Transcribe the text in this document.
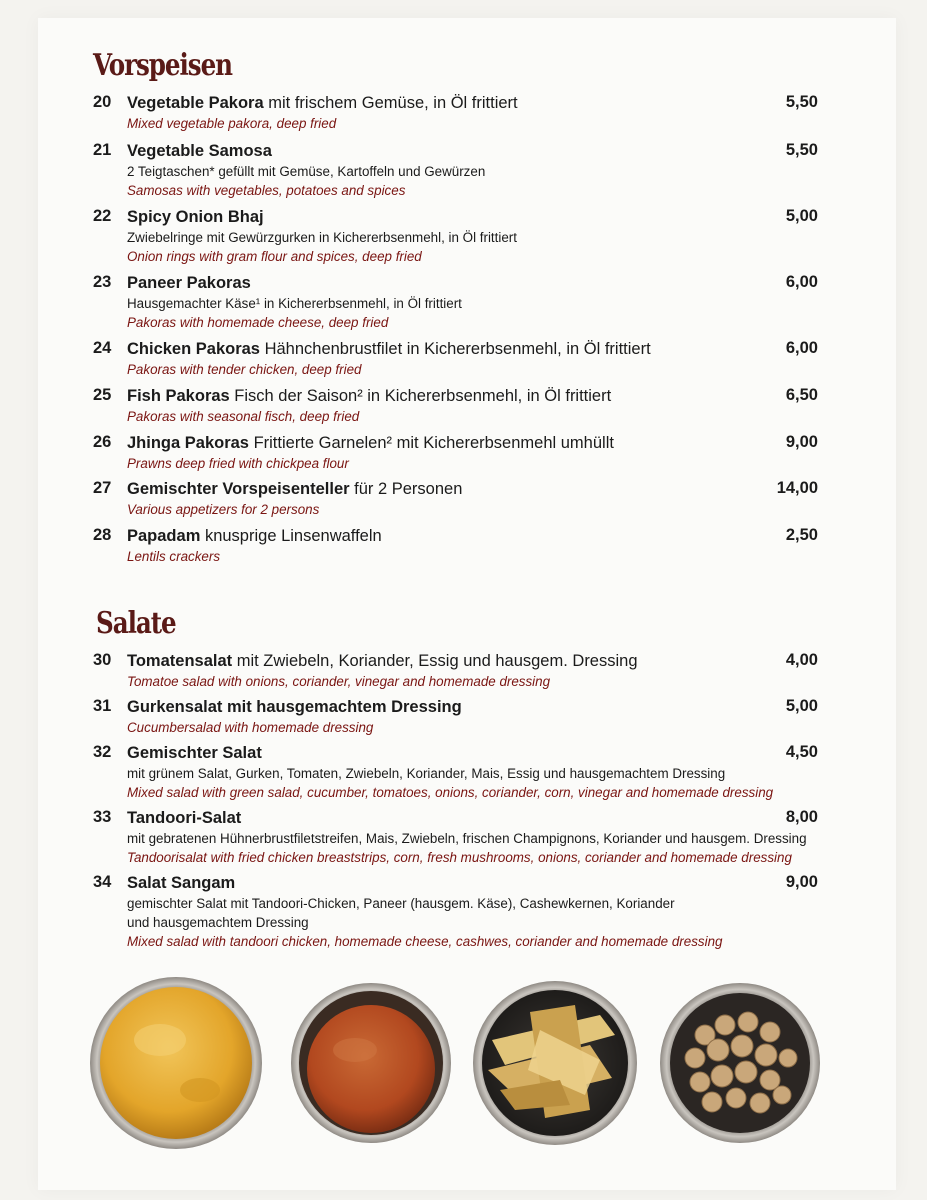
Vorspeisen
20 Vegetable Pakora mit frischem Gemüse, in Öl frittiert
Mixed vegetable pakora, deep fried
5,50
21 Vegetable Samosa
2 Teigtaschen* gefüllt mit Gemüse, Kartoffeln und Gewürzen
Samosas with vegetables, potatoes and spices
5,50
22 Spicy Onion Bhaj
Zwiebelringe mit Gewürzgurken in Kichererbsenmehl, in Öl frittiert
Onion rings with gram flour and spices, deep fried
5,00
23 Paneer Pakoras
Hausgemachter Käse¹ in Kichererbsenmehl, in Öl frittiert
Pakoras with homemade cheese, deep fried
6,00
24 Chicken Pakoras Hähnchenbrustfilet in Kichererbsenmehl, in Öl frittiert
Pakoras with tender chicken, deep fried
6,00
25 Fish Pakoras Fisch der Saison² in Kichererbsenmehl, in Öl frittiert
Pakoras with seasonal fisch, deep fried
6,50
26 Jhinga Pakoras Frittierte Garnelen² mit Kichererbsenmehl umhüllt
Prawns deep fried with chickpea flour
9,00
27 Gemischter Vorspeisenteller für 2 Personen
Various appetizers for 2 persons
14,00
28 Papadam knusprige Linsenwaffeln
Lentils crackers
2,50
Salate
30 Tomatensalat mit Zwiebeln, Koriander, Essig und hausgem. Dressing
Tomatoe salad with onions, coriander, vinegar and homemade dressing
4,00
31 Gurkensalat mit hausgemachtem Dressing
Cucumbersalad with homemade dressing
5,00
32 Gemischter Salat
mit grünem Salat, Gurken, Tomaten, Zwiebeln, Koriander, Mais, Essig und hausgemachtem Dressing
Mixed salad with green salad, cucumber, tomatoes, onions, coriander, corn, vinegar and homemade dressing
4,50
33 Tandoori-Salat
mit gebratenen Hühnerbrustfiletstreifen, Mais, Zwiebeln, frischen Champignons, Koriander und hausgem. Dressing
Tandoorisalat with fried chicken breaststrips, corn, fresh mushrooms, onions, coriander and homemade dressing
8,00
34 Salat Sangam
gemischter Salat mit Tandoori-Chicken, Paneer (hausgem. Käse), Cashewkernen, Koriander
und hausgemachtem Dressing
Mixed salad with tandoori chicken, homemade cheese, cashwes, coriander and homemade dressing
9,00
